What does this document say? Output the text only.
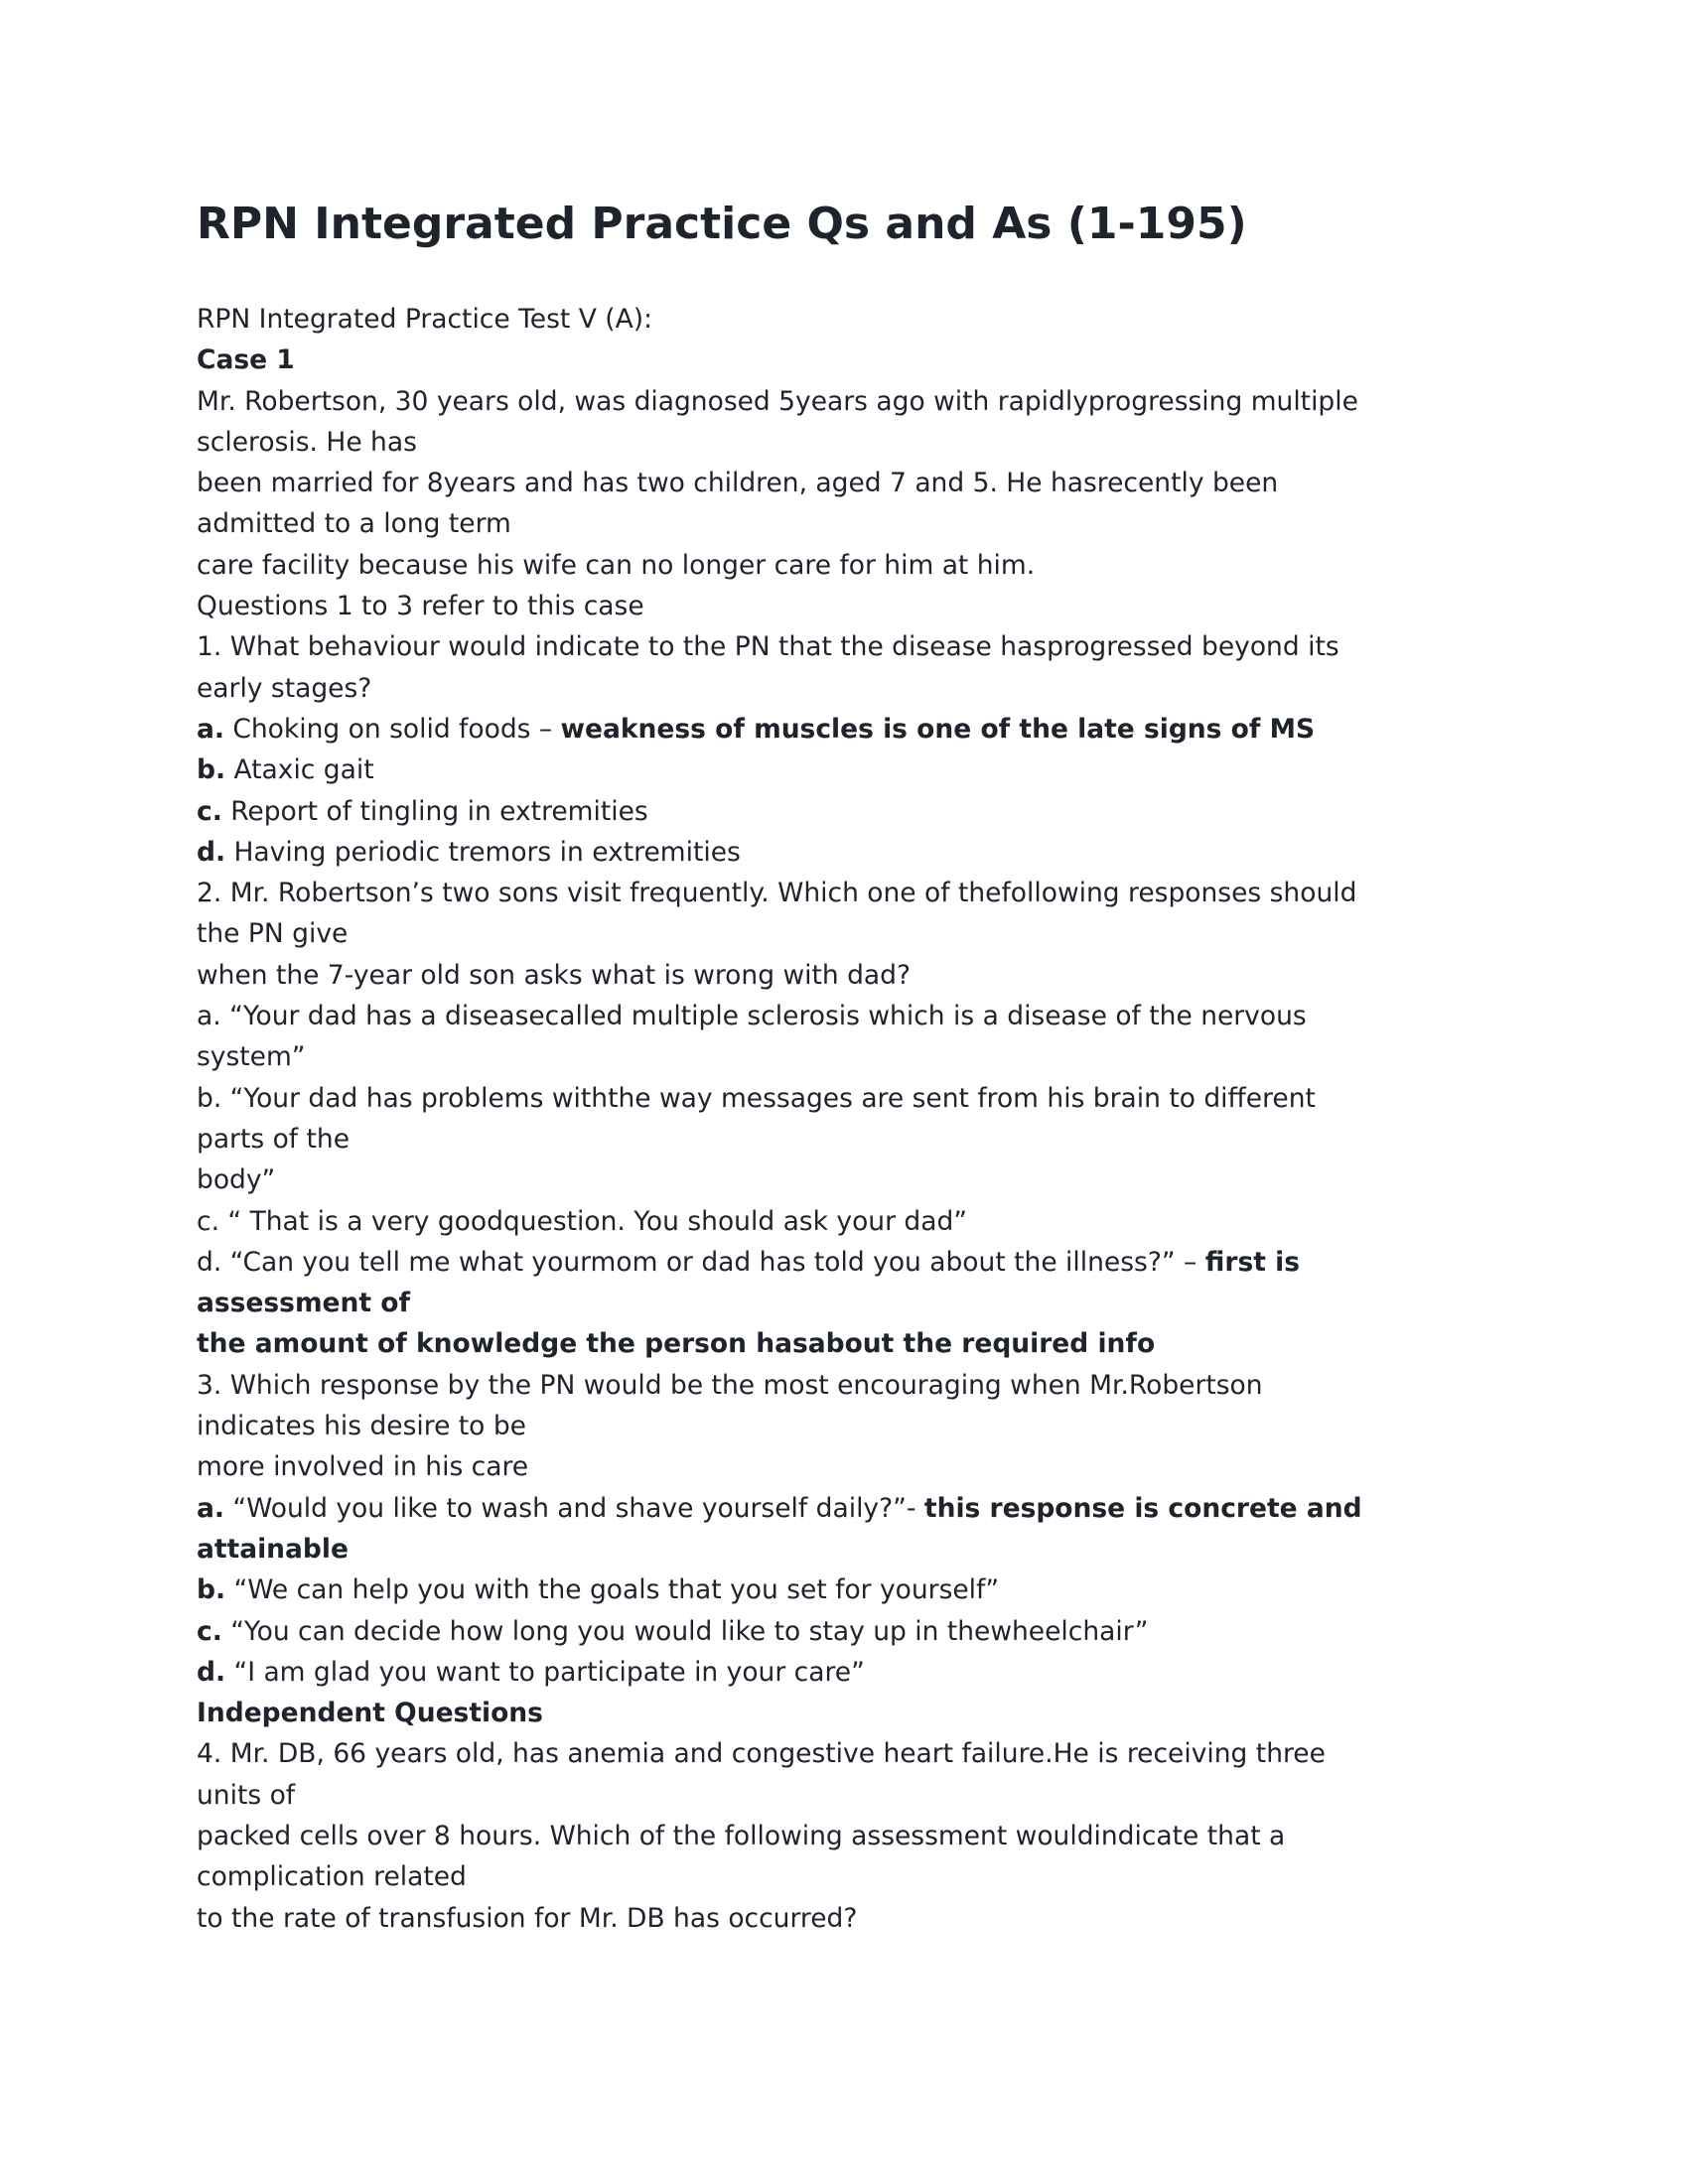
RPN Integrated Practice Qs and As (1-195)
RPN Integrated Practice Test V (A):
Case 1
Mr. Robertson, 30 years old, was diagnosed 5years ago with rapidlyprogressing multiple
sclerosis. He has
been married for 8years and has two children, aged 7 and 5. He hasrecently been
admitted to a long term
care facility because his wife can no longer care for him at him.
Questions 1 to 3 refer to this case
1. What behaviour would indicate to the PN that the disease hasprogressed beyond its
early stages?
a. Choking on solid foods – weakness of muscles is one of the late signs of MS
b. Ataxic gait
c. Report of tingling in extremities
d. Having periodic tremors in extremities
2. Mr. Robertson’s two sons visit frequently. Which one of thefollowing responses should
the PN give
when the 7-year old son asks what is wrong with dad?
a. “Your dad has a diseasecalled multiple sclerosis which is a disease of the nervous
system”
b. “Your dad has problems withthe way messages are sent from his brain to different
parts of the
body”
c. “ That is a very goodquestion. You should ask your dad”
d. “Can you tell me what yourmom or dad has told you about the illness?” – first is
assessment of
the amount of knowledge the person hasabout the required info
3. Which response by the PN would be the most encouraging when Mr.Robertson
indicates his desire to be
more involved in his care
a. “Would you like to wash and shave yourself daily?”- this response is concrete and
attainable
b. “We can help you with the goals that you set for yourself”
c. “You can decide how long you would like to stay up in thewheelchair”
d. “I am glad you want to participate in your care”
Independent Questions
4. Mr. DB, 66 years old, has anemia and congestive heart failure.He is receiving three
units of
packed cells over 8 hours. Which of the following assessment wouldindicate that a
complication related
to the rate of transfusion for Mr. DB has occurred?
